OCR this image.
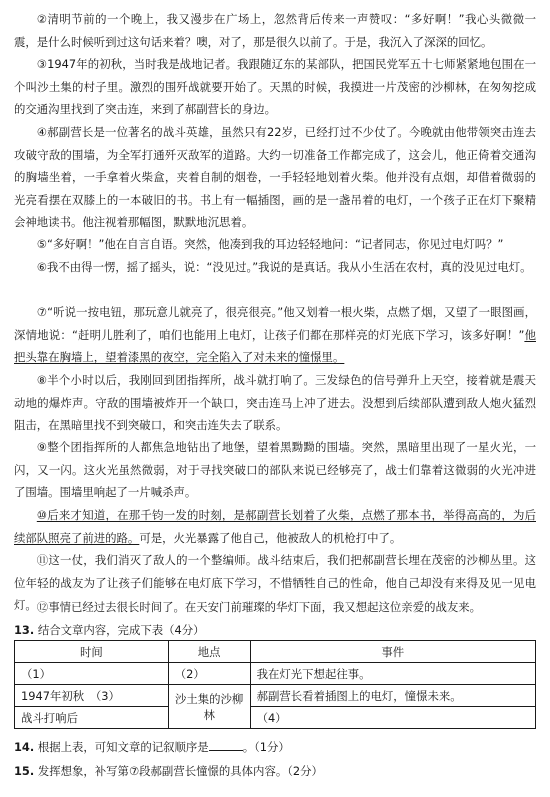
②清明节前的一个晚上，我又漫步在广场上，忽然背后传来一声赞叹：“多好啊！”我心头微微一震，是什么时候听到过这句话来着？噢，对了，那是很久以前了。于是，我沉入了深深的回忆。

③1947年的初秋，当时我是战地记者。我跟随辽东的某部队，把国民党军五十七师紧紧地包围在一个叫沙土集的村子里。激烈的围歼战就要开始了。天黑的时候，我摸进一片茂密的沙柳林，在匆匆挖成的交通沟里找到了突击连，来到了郝副营长的身边。

④郝副营长是一位著名的战斗英雄，虽然只有22岁，已经打过不少仗了。今晚就由他带领突击连去攻破守敌的围墙，为全军打通歼灭敌军的道路。大约一切准备工作都完成了，这会儿，他正倚着交通沟的胸墙坐着，一手拿着火柴盒，夹着自制的烟卷，一手轻轻地划着火柴。他并没有点烟，却借着微弱的光亮看摆在双膝上的一本破旧的书。书上有一幅插图，画的是一盏吊着的电灯，一个孩子正在灯下聚精会神地读书。他注视着那幅图，默默地沉思着。

⑤“多好啊！”他在自言自语。突然，他凑到我的耳边轻轻地问：“记者同志，你见过电灯吗？”

⑥我不由得一愣，摇了摇头，说：“没见过。”我说的是真话。我从小生活在农村，真的没见过电灯。

⑦“听说一按电钮，那玩意儿就亮了，很亮很亮。”他又划着一根火柴，点燃了烟，又望了一眼图画，深情地说：“赶明儿胜利了，咱们也能用上电灯，让孩子们都在那样亮的灯光底下学习，该多好啊！”他把头靠在胸墙上，望着漆黑的夜空，完全陷入了对未来的憧憬里。

⑧半个小时以后，我刚回到团指挥所，战斗就打响了。三发绿色的信号弹升上天空，接着就是震天动地的爆炸声。守敌的围墙被炸开一个缺口，突击连马上冲了进去。没想到后续部队遭到敌人炮火猛烈阻击，在黑暗里找不到突破口，和突击连失去了联系。

⑨整个团指挥所的人都焦急地钻出了地堡，望着黑黝黝的围墙。突然，黑暗里出现了一星火光，一闪，又一闪。这火光虽然微弱，对于寻找突破口的部队来说已经够亮了，战士们靠着这微弱的火光冲进了围墙。围墙里响起了一片喊杀声。

⑩后来才知道，在那千钧一发的时刻，是郝副营长划着了火柴，点燃了那本书，举得高高的，为后续部队照亮了前进的路。可是，火光暴露了他自己，他被敌人的机枪打中了。

⑪这一仗，我们消灭了敌人的一个整编师。战斗结束后，我们把郝副营长埋在茂密的沙柳丛里。这位年轻的战友为了让孩子们能够在电灯底下学习，不惜牺牲自己的性命，他自己却没有来得及见一见电灯。 ⑫事情已经过去很长时间了。在天安门前璀璨的华灯下面，我又想起这位亲爱的战友来。

13. 结合文章内容，完成下表（4分）

时间	地点	事件
（1）	（2）	我在灯光下想起往事。
1947年初秋　 （3）	沙土集的沙柳林	郝副营长看着插图上的电灯，憧憬未来。
战斗打响后		（4）

14. 根据上表，可知文章的记叙顺序是	。（1分）

15. 发挥想象，补写第⑦段郝副营长憧憬的具体内容。（2分）
